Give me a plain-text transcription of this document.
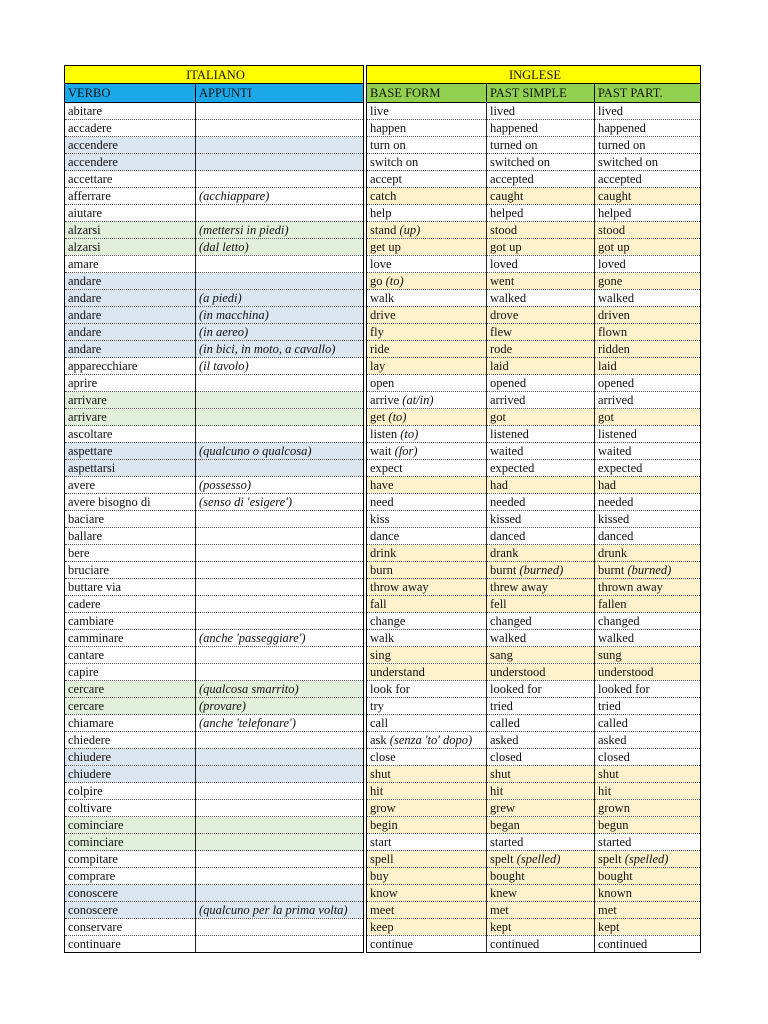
ITALIANO			INGLESE		
VERBO	APPUNTI		BASE FORM	PAST SIMPLE	PAST PART.
abitare			live	lived	lived
accadere			happen	happened	happened
accendere			turn on	turned on	turned on
accendere			switch on	switched on	switched on
accettare			accept	accepted	accepted
afferrare	(acchiappare)		catch	caught	caught
aiutare			help	helped	helped
alzarsi	(mettersi in piedi)		stand (up)	stood	stood
alzarsi	(dal letto)		get up	got up	got up
amare			love	loved	loved
andare			go (to)	went	gone
andare	(a piedi)		walk	walked	walked
andare	(in macchina)		drive	drove	driven
andare	(in aereo)		fly	flew	flown
andare	(in bici, in moto, a cavallo)		ride	rode	ridden
apparecchiare	(il tavolo)		lay	laid	laid
aprire			open	opened	opened
arrivare			arrive (at/in)	arrived	arrived
arrivare			get (to)	got	got
ascoltare			listen (to)	listened	listened
aspettare	(qualcuno o qualcosa)		wait (for)	waited	waited
aspettarsi			expect	expected	expected
avere	(possesso)		have	had	had
avere bisogno di	(senso di 'esigere')		need	needed	needed
baciare			kiss	kissed	kissed
ballare			dance	danced	danced
bere			drink	drank	drunk
bruciare			burn	burnt (burned)	burnt (burned)
buttare via			throw away	threw away	thrown away
cadere			fall	fell	fallen
cambiare			change	changed	changed
camminare	(anche 'passeggiare')		walk	walked	walked
cantare			sing	sang	sung
capire			understand	understood	understood
cercare	(qualcosa smarrito)		look for	looked for	looked for
cercare	(provare)		try	tried	tried
chiamare	(anche 'telefonare')		call	called	called
chiedere			ask (senza 'to' dopo)	asked	asked
chiudere			close	closed	closed
chiudere			shut	shut	shut
colpire			hit	hit	hit
coltivare			grow	grew	grown
cominciare			begin	began	begun
cominciare			start	started	started
compitare			spell	spelt (spelled)	spelt (spelled)
comprare			buy	bought	bought
conoscere			know	knew	known
conoscere	(qualcuno per la prima volta)		meet	met	met
conservare			keep	kept	kept
continuare			continue	continued	continued
